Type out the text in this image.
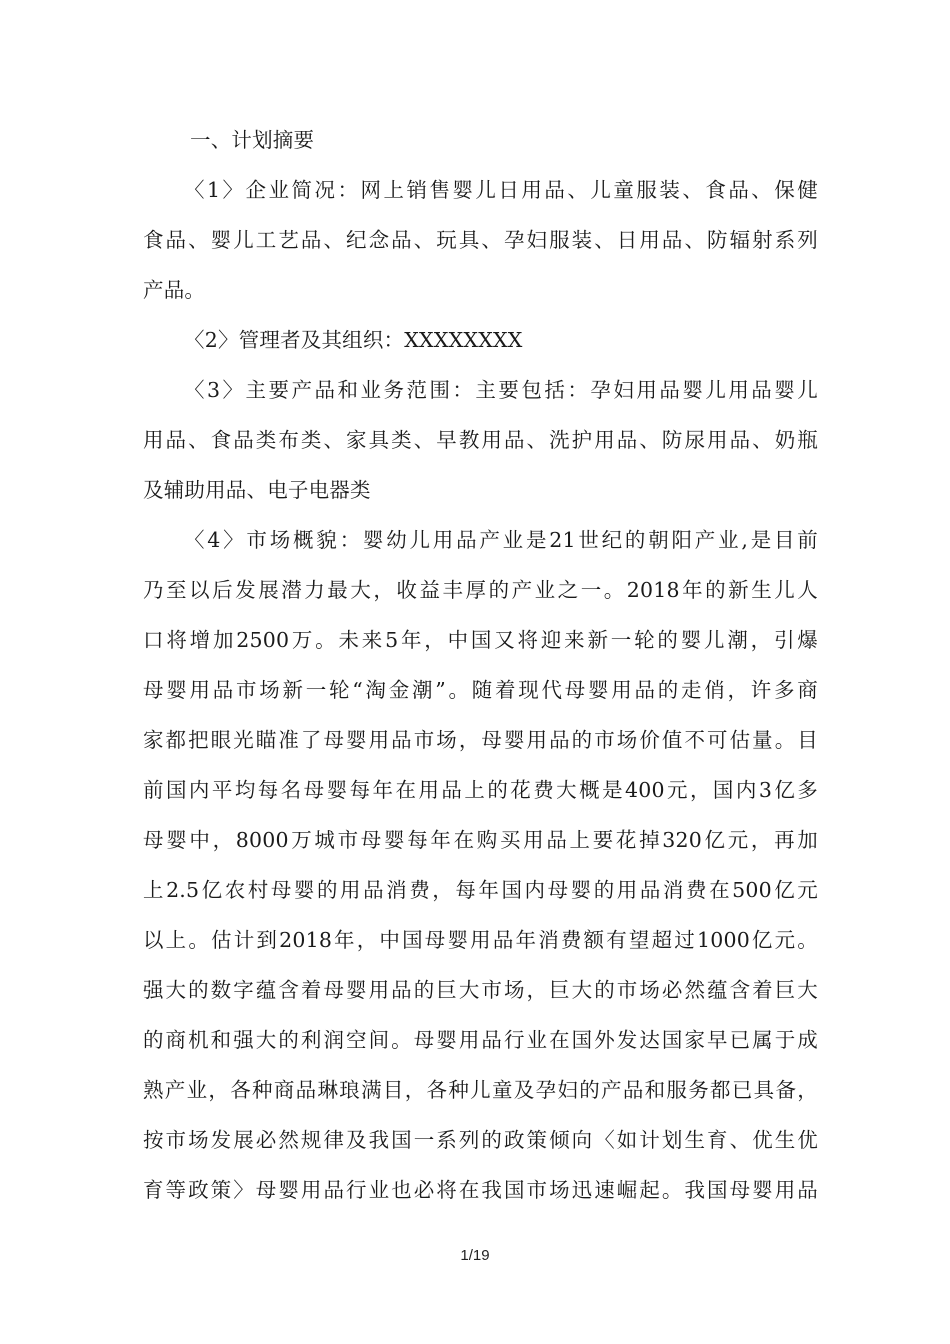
一、计划摘要
〈1〉企业简况：网上销售婴儿日用品、儿童服装、食品、保健
食品、婴儿工艺品、纪念品、玩具、孕妇服装、日用品、防辐射系列
产品。
〈2〉管理者及其组织：XXXXXXXX
〈3〉主要产品和业务范围：主要包括：孕妇用品婴儿用品婴儿
用品、食品类布类、家具类、早教用品、洗护用品、防尿用品、奶瓶
及辅助用品、电子电器类
〈4〉市场概貌：婴幼儿用品产业是21世纪的朝阳产业,是目前
乃至以后发展潜力最大，收益丰厚的产业之一。2018年的新生儿人
口将增加2500万。未来5年，中国又将迎来新一轮的婴儿潮，引爆
母婴用品市场新一轮“淘金潮”。随着现代母婴用品的走俏，许多商
家都把眼光瞄准了母婴用品市场，母婴用品的市场价值不可估量。目
前国内平均每名母婴每年在用品上的花费大概是400元，国内3亿多
母婴中，8000万城市母婴每年在购买用品上要花掉320亿元，再加
上2.5亿农村母婴的用品消费，每年国内母婴的用品消费在500亿元
以上。估计到2018年，中国母婴用品年消费额有望超过1000亿元。
强大的数字蕴含着母婴用品的巨大市场，巨大的市场必然蕴含着巨大
的商机和强大的利润空间。母婴用品行业在国外发达国家早已属于成
熟产业，各种商品琳琅满目，各种儿童及孕妇的产品和服务都已具备，
按市场发展必然规律及我国一系列的政策倾向〈如计划生育、优生优
育等政策〉母婴用品行业也必将在我国市场迅速崛起。我国母婴用品
1/19
